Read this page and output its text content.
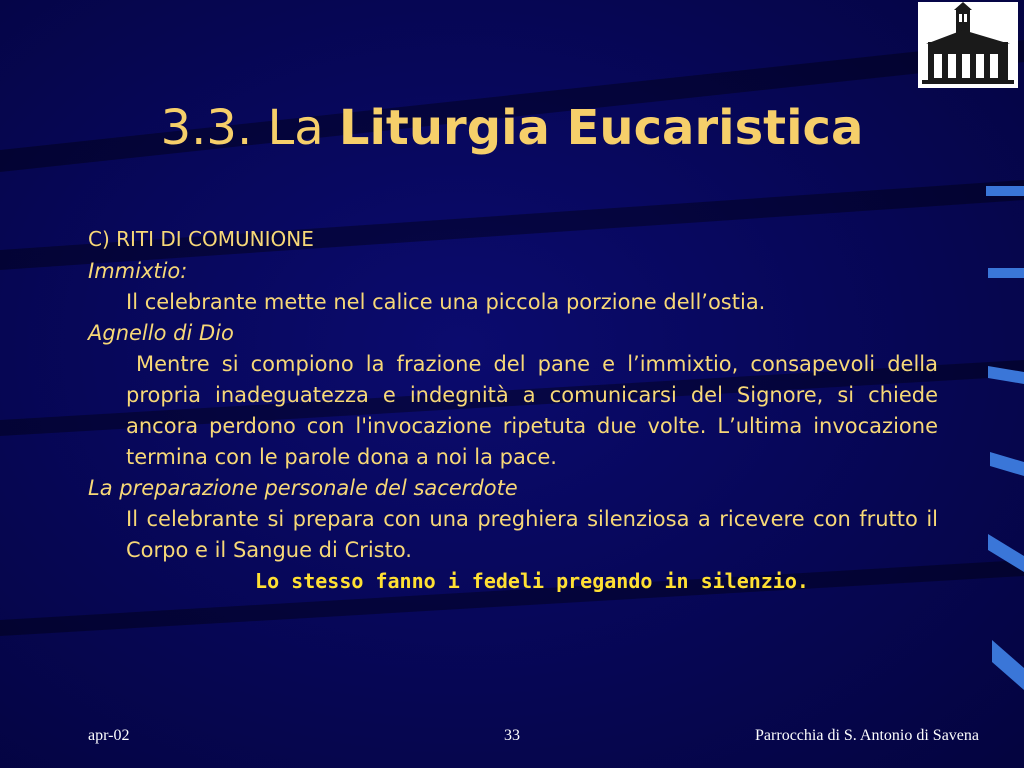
3.3. La Liturgia Eucaristica

C) RITI DI COMUNIONE

Immixtio:

Il celebrante mette nel calice una piccola porzione dell’ostia.

Agnello di Dio

Mentre si compiono la frazione del pane e l’immixtio, consapevoli della propria inadeguatezza e indegnità a comunicarsi del Signore, si chiede ancora perdono con l'invocazione ripetuta due volte. L’ultima invocazione termina con le parole dona a noi la pace.

La preparazione personale del sacerdote

Il celebrante si prepara con una preghiera silenziosa a ricevere con frutto il Corpo e il Sangue di Cristo.

Lo stesso fanno i fedeli pregando in silenzio.

apr-02	33	Parrocchia di S. Antonio di Savena
